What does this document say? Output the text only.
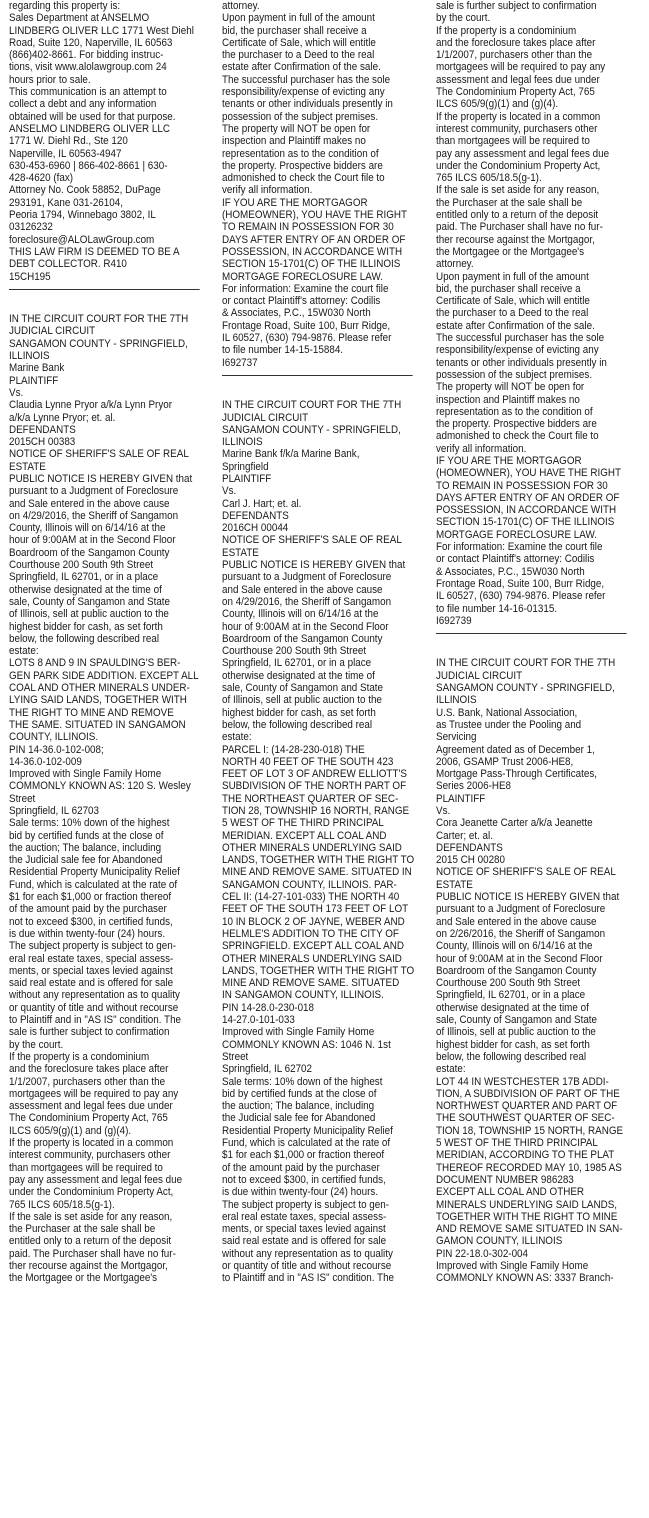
regarding this property is:
Sales Department at ANSELMO
LINDBERG OLIVER LLC 1771 West Diehl
Road, Suite 120, Naperville, IL 60563
(866)402-8661. For bidding instruc-
tions, visit www.alolawgroup.com 24
hours prior to sale.
This communication is an attempt to
collect a debt and any information
obtained will be used for that purpose.
ANSELMO LINDBERG OLIVER LLC
1771 W. Diehl Rd., Ste 120
Naperville, IL 60563-4947
630-453-6960 | 866-402-8661 | 630-
428-4620 (fax)
Attorney No. Cook 58852, DuPage
293191, Kane 031-26104,
Peoria 1794, Winnebago 3802, IL
03126232
foreclosure@ALOLawGroup.com
THIS LAW FIRM IS DEEMED TO BE A
DEBT COLLECTOR. R410
15CH195
IN THE CIRCUIT COURT FOR THE 7TH
JUDICIAL CIRCUIT
SANGAMON COUNTY - SPRINGFIELD,
ILLINOIS
Marine Bank
PLAINTIFF
Vs.
Claudia Lynne Pryor a/k/a Lynn Pryor
a/k/a Lynne Pryor; et. al.
DEFENDANTS
2015CH 00383
NOTICE OF SHERIFF'S SALE OF REAL
ESTATE
PUBLIC NOTICE IS HEREBY GIVEN that
pursuant to a Judgment of Foreclosure
and Sale entered in the above cause
on 4/29/2016, the Sheriff of Sangamon
County, Illinois will on 6/14/16 at the
hour of 9:00AM at in the Second Floor
Boardroom of the Sangamon County
Courthouse 200 South 9th Street
Springfield, IL 62701, or in a place
otherwise designated at the time of
sale, County of Sangamon and State
of Illinois, sell at public auction to the
highest bidder for cash, as set forth
below, the following described real
estate:
LOTS 8 AND 9 IN SPAULDING'S BER-
GEN PARK SIDE ADDITION. EXCEPT ALL
COAL AND OTHER MINERALS UNDER-
LYING SAID LANDS, TOGETHER WITH
THE RIGHT TO MINE AND REMOVE
THE SAME. SITUATED IN SANGAMON
COUNTY, ILLINOIS.
PIN 14-36.0-102-008;
14-36.0-102-009
Improved with Single Family Home
COMMONLY KNOWN AS: 120 S. Wesley
Street
Springfield, IL 62703
Sale terms: 10% down of the highest
bid by certified funds at the close of
the auction; The balance, including
the Judicial sale fee for Abandoned
Residential Property Municipality Relief
Fund, which is calculated at the rate of
$1 for each $1,000 or fraction thereof
of the amount paid by the purchaser
not to exceed $300, in certified funds,
is due within twenty-four (24) hours.
The subject property is subject to gen-
eral real estate taxes, special assess-
ments, or special taxes levied against
said real estate and is offered for sale
without any representation as to quality
or quantity of title and without recourse
to Plaintiff and in "AS IS" condition. The
sale is further subject to confirmation
by the court.
If the property is a condominium
and the foreclosure takes place after
1/1/2007, purchasers other than the
mortgagees will be required to pay any
assessment and legal fees due under
The Condominium Property Act, 765
ILCS 605/9(g)(1) and (g)(4).
If the property is located in a common
interest community, purchasers other
than mortgagees will be required to
pay any assessment and legal fees due
under the Condominium Property Act,
765 ILCS 605/18.5(g-1).
If the sale is set aside for any reason,
the Purchaser at the sale shall be
entitled only to a return of the deposit
paid. The Purchaser shall have no fur-
ther recourse against the Mortgagor,
the Mortgagee or the Mortgagee's
attorney.
Upon payment in full of the amount
bid, the purchaser shall receive a
Certificate of Sale, which will entitle
the purchaser to a Deed to the real
estate after Confirmation of the sale.
The successful purchaser has the sole
responsibility/expense of evicting any
tenants or other individuals presently in
possession of the subject premises.
The property will NOT be open for
inspection and Plaintiff makes no
representation as to the condition of
the property. Prospective bidders are
admonished to check the Court file to
verify all information.
IF YOU ARE THE MORTGAGOR
(HOMEOWNER), YOU HAVE THE RIGHT
TO REMAIN IN POSSESSION FOR 30
DAYS AFTER ENTRY OF AN ORDER OF
POSSESSION, IN ACCORDANCE WITH
SECTION 15-1701(C) OF THE ILLINOIS
MORTGAGE FORECLOSURE LAW.
For information: Examine the court file
or contact Plaintiff's attorney: Codilis
& Associates, P.C., 15W030 North
Frontage Road, Suite 100, Burr Ridge,
IL 60527, (630) 794-9876. Please refer
to file number 14-15-15884.
I692737
IN THE CIRCUIT COURT FOR THE 7TH
JUDICIAL CIRCUIT
SANGAMON COUNTY - SPRINGFIELD,
ILLINOIS
Marine Bank f/k/a Marine Bank,
Springfield
PLAINTIFF
Vs.
Carl J. Hart; et. al.
DEFENDANTS
2016CH 00044
NOTICE OF SHERIFF'S SALE OF REAL
ESTATE
PUBLIC NOTICE IS HEREBY GIVEN that
pursuant to a Judgment of Foreclosure
and Sale entered in the above cause
on 4/29/2016, the Sheriff of Sangamon
County, Illinois will on 6/14/16 at the
hour of 9:00AM at in the Second Floor
Boardroom of the Sangamon County
Courthouse 200 South 9th Street
Springfield, IL 62701, or in a place
otherwise designated at the time of
sale, County of Sangamon and State
of Illinois, sell at public auction to the
highest bidder for cash, as set forth
below, the following described real
estate:
PARCEL I: (14-28-230-018) THE
NORTH 40 FEET OF THE SOUTH 423
FEET OF LOT 3 OF ANDREW ELLIOTT'S
SUBDIVISION OF THE NORTH PART OF
THE NORTHEAST QUARTER OF SEC-
TION 28, TOWNSHIP 16 NORTH, RANGE
5 WEST OF THE THIRD PRINCIPAL
MERIDIAN. EXCEPT ALL COAL AND
OTHER MINERALS UNDERLYING SAID
LANDS, TOGETHER WITH THE RIGHT TO
MINE AND REMOVE SAME. SITUATED IN
SANGAMON COUNTY, ILLINOIS. PAR-
CEL II: (14-27-101-033) THE NORTH 40
FEET OF THE SOUTH 173 FEET OF LOT
10 IN BLOCK 2 OF JAYNE, WEBER AND
HELMLE'S ADDITION TO THE CITY OF
SPRINGFIELD. EXCEPT ALL COAL AND
OTHER MINERALS UNDERLYING SAID
LANDS, TOGETHER WITH THE RIGHT TO
MINE AND REMOVE SAME. SITUATED
IN SANGAMON COUNTY, ILLINOIS.
PIN 14-28.0-230-018
14-27.0-101-033
Improved with Single Family Home
COMMONLY KNOWN AS: 1046 N. 1st
Street
Springfield, IL 62702
Sale terms: 10% down of the highest
bid by certified funds at the close of
the auction; The balance, including
the Judicial sale fee for Abandoned
Residential Property Municipality Relief
Fund, which is calculated at the rate of
$1 for each $1,000 or fraction thereof
of the amount paid by the purchaser
not to exceed $300, in certified funds,
is due within twenty-four (24) hours.
The subject property is subject to gen-
eral real estate taxes, special assess-
ments, or special taxes levied against
said real estate and is offered for sale
without any representation as to quality
or quantity of title and without recourse
to Plaintiff and in "AS IS" condition. The
sale is further subject to confirmation
by the court.
If the property is a condominium
and the foreclosure takes place after
1/1/2007, purchasers other than the
mortgagees will be required to pay any
assessment and legal fees due under
The Condominium Property Act, 765
ILCS 605/9(g)(1) and (g)(4).
If the property is located in a common
interest community, purchasers other
than mortgagees will be required to
pay any assessment and legal fees due
under the Condominium Property Act,
765 ILCS 605/18.5(g-1).
If the sale is set aside for any reason,
the Purchaser at the sale shall be
entitled only to a return of the deposit
paid. The Purchaser shall have no fur-
ther recourse against the Mortgagor,
the Mortgagee or the Mortgagee's
attorney.
Upon payment in full of the amount
bid, the purchaser shall receive a
Certificate of Sale, which will entitle
the purchaser to a Deed to the real
estate after Confirmation of the sale.
The successful purchaser has the sole
responsibility/expense of evicting any
tenants or other individuals presently in
possession of the subject premises.
The property will NOT be open for
inspection and Plaintiff makes no
representation as to the condition of
the property. Prospective bidders are
admonished to check the Court file to
verify all information.
IF YOU ARE THE MORTGAGOR
(HOMEOWNER), YOU HAVE THE RIGHT
TO REMAIN IN POSSESSION FOR 30
DAYS AFTER ENTRY OF AN ORDER OF
POSSESSION, IN ACCORDANCE WITH
SECTION 15-1701(C) OF THE ILLINOIS
MORTGAGE FORECLOSURE LAW.
For information: Examine the court file
or contact Plaintiff's attorney: Codilis
& Associates, P.C., 15W030 North
Frontage Road, Suite 100, Burr Ridge,
IL 60527, (630) 794-9876. Please refer
to file number 14-16-01315.
I692739
IN THE CIRCUIT COURT FOR THE 7TH
JUDICIAL CIRCUIT
SANGAMON COUNTY - SPRINGFIELD,
ILLINOIS
U.S. Bank, National Association,
as Trustee under the Pooling and
Servicing
Agreement dated as of December 1,
2006, GSAMP Trust 2006-HE8,
Mortgage Pass-Through Certificates,
Series 2006-HE8
PLAINTIFF
Vs.
Cora Jeanette Carter a/k/a Jeanette
Carter; et. al.
DEFENDANTS
2015 CH 00280
NOTICE OF SHERIFF'S SALE OF REAL
ESTATE
PUBLIC NOTICE IS HEREBY GIVEN that
pursuant to a Judgment of Foreclosure
and Sale entered in the above cause
on 2/26/2016, the Sheriff of Sangamon
County, Illinois will on 6/14/16 at the
hour of 9:00AM at in the Second Floor
Boardroom of the Sangamon County
Courthouse 200 South 9th Street
Springfield, IL 62701, or in a place
otherwise designated at the time of
sale, County of Sangamon and State
of Illinois, sell at public auction to the
highest bidder for cash, as set forth
below, the following described real
estate:
LOT 44 IN WESTCHESTER 17B ADDI-
TION, A SUBDIVISION OF PART OF THE
NORTHWEST QUARTER AND PART OF
THE SOUTHWEST QUARTER OF SEC-
TION 18, TOWNSHIP 15 NORTH, RANGE
5 WEST OF THE THIRD PRINCIPAL
MERIDIAN, ACCORDING TO THE PLAT
THEREOF RECORDED MAY 10, 1985 AS
DOCUMENT NUMBER 986283
EXCEPT ALL COAL AND OTHER
MINERALS UNDERLYING SAID LANDS,
TOGETHER WITH THE RIGHT TO MINE
AND REMOVE SAME SITUATED IN SAN-
GAMON COUNTY, ILLINOIS
PIN 22-18.0-302-004
Improved with Single Family Home
COMMONLY KNOWN AS: 3337 Branch-
